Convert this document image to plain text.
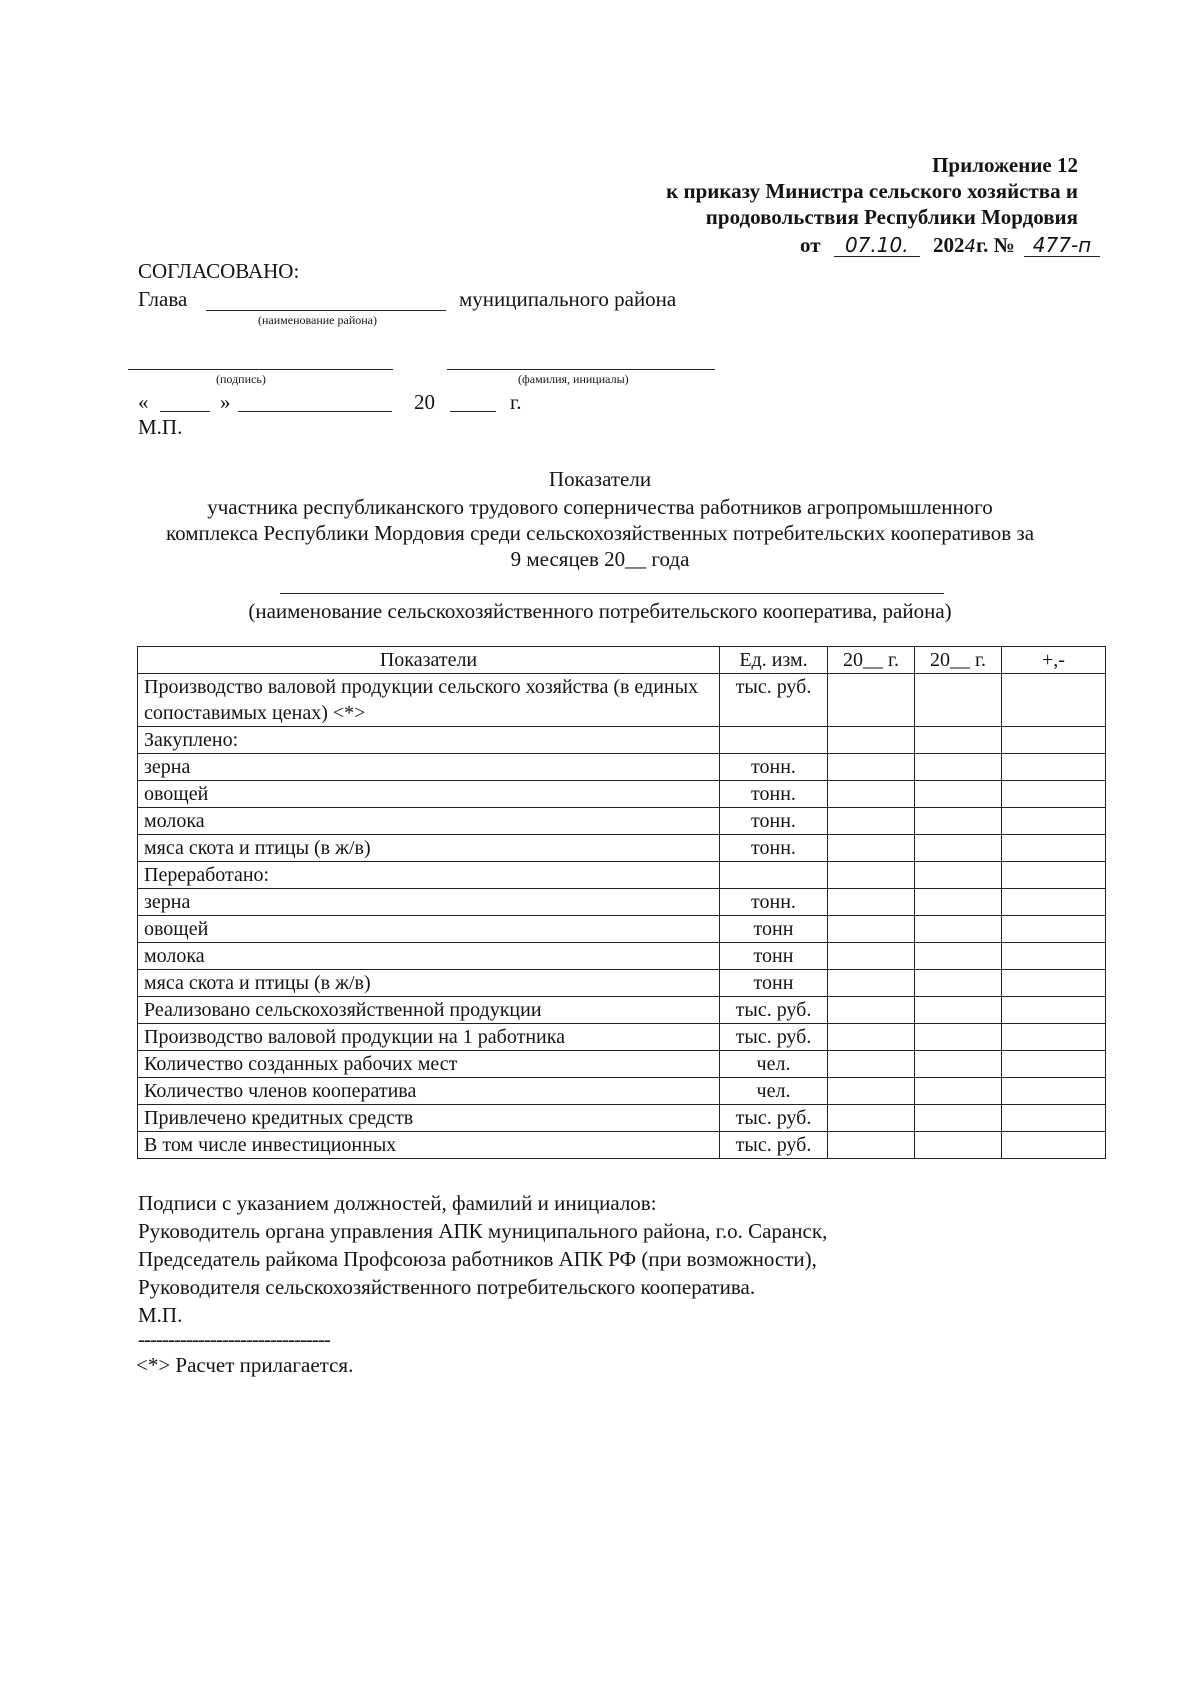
Приложение 12
к приказу Министра сельского хозяйства и
продовольствия Республики Мордовия
от 07.10. 2024г. № 477-п
СОГЛАСОВАНО:
Глава	муниципального района
(наименование района)
(подпись)	(фамилия, инициалы)
«	»	20	г.
М.П.
Показатели
участника республиканского трудового соперничества работников агропромышленного
комплекса Республики Мордовия среди сельскохозяйственных потребительских кооперативов за
9 месяцев 20__ года
(наименование сельскохозяйственного потребительского кооператива, района)
Показатели	Ед. изм.	20__ г.	20__ г.	+,-
Производство валовой продукции сельского хозяйства (в единых сопоставимых ценах) <*>	тыс. руб.			
Закуплено:				
зерна	тонн.			
овощей	тонн.			
молока	тонн.			
мяса скота и птицы (в ж/в)	тонн.			
Переработано:				
зерна	тонн.			
овощей	тонн			
молока	тонн			
мяса скота и птицы (в ж/в)	тонн			
Реализовано сельскохозяйственной продукции	тыс. руб.			
Производство валовой продукции на 1 работника	тыс. руб.			
Количество созданных рабочих мест	чел.			
Количество членов кооператива	чел.			
Привлечено кредитных средств	тыс. руб.			
В том числе инвестиционных	тыс. руб.			
Подписи с указанием должностей, фамилий и инициалов:
Руководитель органа управления АПК муниципального района, г.о. Саранск,
Председатель райкома Профсоюза работников АПК РФ (при возможности),
Руководителя сельскохозяйственного потребительского кооператива.
М.П.
--------------------------------
<*> Расчет прилагается.
